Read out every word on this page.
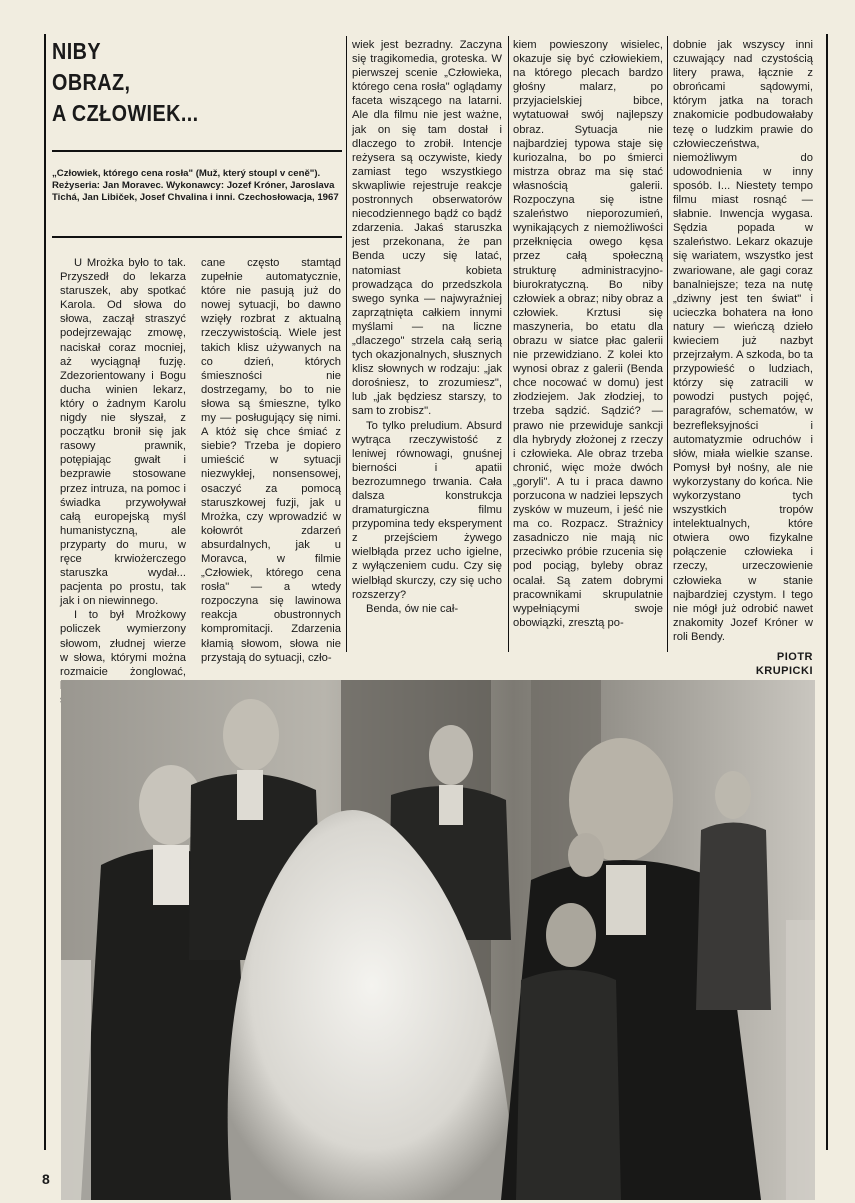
NIBY
OBRAZ,
A CZŁOWIEK...
„Człowiek, którego cena rosła" (Muž, který stoupl v ceně"). Reżyseria: Jan Moravec. Wykonawcy: Jozef Króner, Jaroslava Tichá, Jan Libiček, Josef Chvalina i inni. Czechosłowacja, 1967

U Mrożka było to tak. Przyszedł do lekarza staruszek, aby spotkać Karola. Od słowa do słowa, zaczął straszyć podejrzewając zmowę, naciskał coraz mocniej, aż wyciągnął fuzję. Zdezorientowany i Bogu ducha winien lekarz, który o żadnym Karolu nigdy nie słyszał, z początku bronił się jak rasowy prawnik, potępiając gwałt i bezprawie stosowane przez intruza, na pomoc i świadka przywoływał całą europejską myśl humanistyczną, ale przyparty do muru, w ręce krwiożerczego staruszka wydał... pacjenta po prostu, tak jak i on niewinnego.

I to był Mrożkowy policzek wymierzony słowom, złudnej wierze w słowa, którymi można rozmaicie żonglować,

cane często stamtąd zupełnie automatycznie, które nie pasują już do nowej sytuacji, bo dawno wzięły rozbrat z aktualną rzeczywistością. Wiele jest takich klisz używanych na co dzień, których śmieszności nie dostrzegamy, bo to nie słowa są śmieszne, tylko my — posługujący się nimi. A któż się chce śmiać z siebie? Trzeba je dopiero umieścić w sytuacji niezwykłej, nonsensowej, osaczyć za pomocą staruszkowej fuzji, jak u Mrożka, czy wprowadzić w kołowrót zdarzeń absurdalnych, jak u Moravca, w filmie „Człowiek, którego cena rosła" — a wtedy rozpoczyna się lawinowa reakcja obustronnych kompromitacji. Zdarzenia kłamią słowom, słowa nie przystają do sytuacji, czło-

wiek jest bezradny. Zaczyna się tragikomedia, groteska. W pierwszej scenie „Człowieka, którego cena rosła" oglądamy faceta wiszącego na latarni. Ale dla filmu nie jest ważne, jak on się tam dostał i dlaczego to zrobił. Intencje reżysera są oczywiste, kiedy zamiast tego wszystkiego skwapliwie rejestruje reakcje postronnych obserwatorów niecodziennego bądź co bądź zdarzenia. Jakaś staruszka jest przekonana, że pan Benda uczy się latać, natomiast kobieta prowadząca do przedszkola swego synka — najwyraźniej zaprzątnięta całkiem innymi myślami — na liczne „dlaczego" strzela całą serią tych okazjonalnych, słusznych klisz słownych w rodzaju: „jak dorośniesz, to zrozumiesz", lub „jak będziesz starszy, to sam to zrobisz".

To tylko preludium. Absurd wytrąca rzeczywistość z leniwej równowagi, gnuśnej bierności i apatii bezrozumnego trwania. Cała dalsza konstrukcja dramaturgiczna filmu przypomina tedy eksperyment z przejściem żywego wielbłąda przez ucho igielne, z wyłączeniem cudu. Czy się wielbłąd skurczy, czy się ucho rozszerzy?

Benda, ów nie cał-

kiem powieszony wisielec, okazuje się być człowiekiem, na którego plecach bardzo głośny malarz, po przyjacielskiej bibce, wytatuował swój najlepszy obraz. Sytuacja nie najbardziej typowa staje się kuriozalna, bo po śmierci mistrza obraz ma się stać własnością galerii. Rozpoczyna się istne szaleństwo nieporozumień, wynikających z niemożliwości przełknięcia owego kęsa przez całą społeczną strukturę administracyjno-biurokratyczną. Bo niby człowiek a obraz; niby obraz a człowiek. Krztusi się maszyneria, bo etatu dla obrazu w siatce płac galerii nie przewidziano. Z kolei kto wynosi obraz z galerii (Benda chce nocować w domu) jest złodziejem. Jak złodziej, to trzeba sądzić. Sądzić? — prawo nie przewiduje sankcji dla hybrydy złożonej z rzeczy i człowieka. Ale obraz trzeba chronić, więc może dwóch „goryli". A tu i praca dawno porzucona w nadziei lepszych zysków w muzeum, i jeść nie ma co. Rozpacz. Strażnicy zasadniczo nie mają nic przeciwko próbie rzucenia się pod pociąg, byleby obraz ocalał. Są zatem dobrymi pracownikami skrupulatnie wypełniącymi swoje obowiązki, zresztą po-

dobnie jak wszyscy inni czuwający nad czystością litery prawa, łącznie z obrońcami sądowymi, którym jatka na torach znakomicie podbudowałaby tezę o ludzkim prawie do człowieczeństwa, niemożliwym do udowodnienia w inny sposób. I... Niestety tempo filmu miast rosnąć — słabnie. Inwencja wygasa. Sędzia popada w szaleństwo. Lekarz okazuje się wariatem, wszystko jest zwariowane, ale gagi coraz banalniejsze; teza na nutę „dziwny jest ten świat" i ucieczka bohatera na łono natury — wieńczą dzieło kwieciem już nazbyt przejrzałym. A szkoda, bo ta przypowieść o ludziach, którzy się zatracili w powodzi pustych pojęć, paragrafów, schematów, w bezrefleksyjności i automatyzmie odruchów i słów, miała wielkie szanse. Pomysł był nośny, ale nie wykorzystany do końca. Nie wykorzystano tych wszystkich tropów intelektualnych, które otwiera owo fizykalne połączenie człowieka i rzeczy, urzeczowienie człowieka w stanie najbardziej czystym. I tego nie mógł już odrobić nawet znakomity Jozef Króner w roli Bendy.

PIOTR
KRUPICKI
8
